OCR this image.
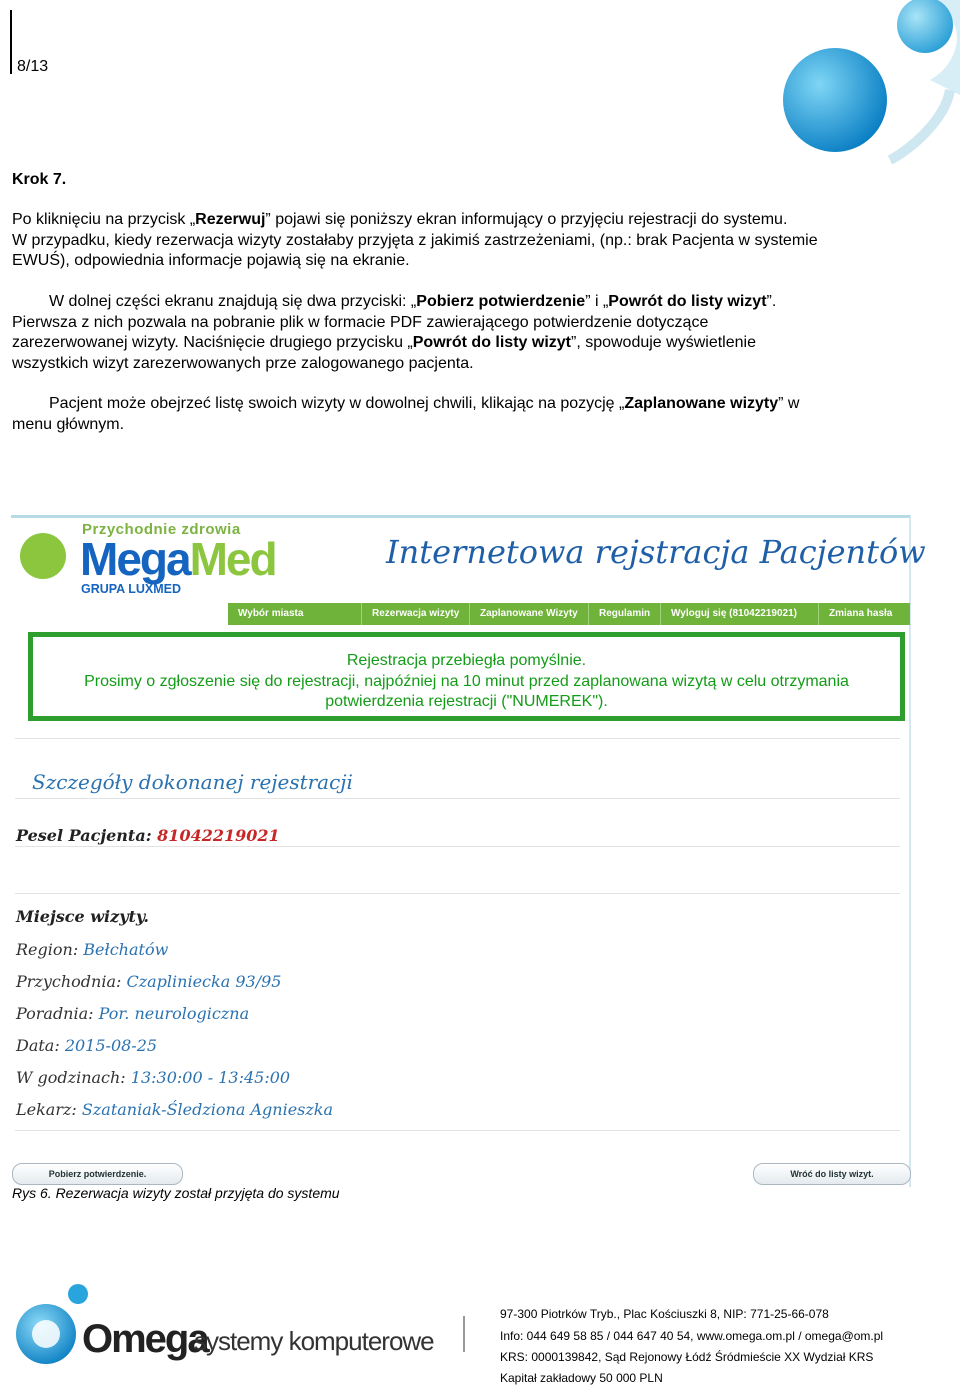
8/13
Krok 7.
Po kliknięciu na przycisk „Rezerwuj” pojawi się poniższy ekran informujący o przyjęciu rejestracji do systemu.
W przypadku, kiedy rezerwacja wizyty zostałaby przyjęta z jakimiś zastrzeżeniami, (np.: brak Pacjenta w systemie
EWUŚ), odpowiednia informacje pojawią się na ekranie.
W dolnej części ekranu znajdują się dwa przyciski: „Pobierz potwierdzenie” i „Powrót do listy wizyt”.
Pierwsza z nich pozwala na pobranie plik w formacie PDF zawierającego potwierdzenie dotyczące
zarezerwowanej wizyty. Naciśnięcie drugiego przycisku „Powrót do listy wizyt”, spowoduje wyświetlenie
wszystkich wizyt zarezerwowanych prze zalogowanego pacjenta.
Pacjent może obejrzeć listę swoich wizyty w dowolnej chwili, klikając na pozycję „Zaplanowane wizyty” w
menu głównym.
Przychodnie zdrowia
MegaMed
GRUPA LUXMED
Internetowa rejstracja Pacjentów
Wybór miasta	Rezerwacja wizyty	Zaplanowane Wizyty	Regulamin	Wyloguj się (81042219021)	Zmiana hasła
Rejestracja przebiegła pomyślnie.
Prosimy o zgłoszenie się do rejestracji, najpóźniej na 10 minut przed zaplanowana wizytą w celu otrzymania
potwierdzenia rejestracji ("NUMEREK").
Szczegóły dokonanej rejestracji
Pesel Pacjenta: 81042219021
Miejsce wizyty.
Region: Bełchatów
Przychodnia: Czaplinieckа 93/95
Poradnia: Por. neurologiczna
Data: 2015-08-25
W godzinach: 13:30:00 - 13:45:00
Lekarz: Szataniak-Śledziona Agnieszka
Pobierz potwierdzenie.	Wróć do listy wizyt.
Rys 6. Rezerwacja wizyty został przyjęta do systemu
Omega
systemy komputerowe
97-300 Piotrków Tryb., Plac Kościuszki 8, NIP: 771-25-66-078
Info: 044 649 58 85 / 044 647 40 54, www.omega.om.pl / omega@om.pl
KRS: 0000139842, Sąd Rejonowy Łódź Śródmieście XX Wydział KRS
Kapitał zakładowy 50 000 PLN
